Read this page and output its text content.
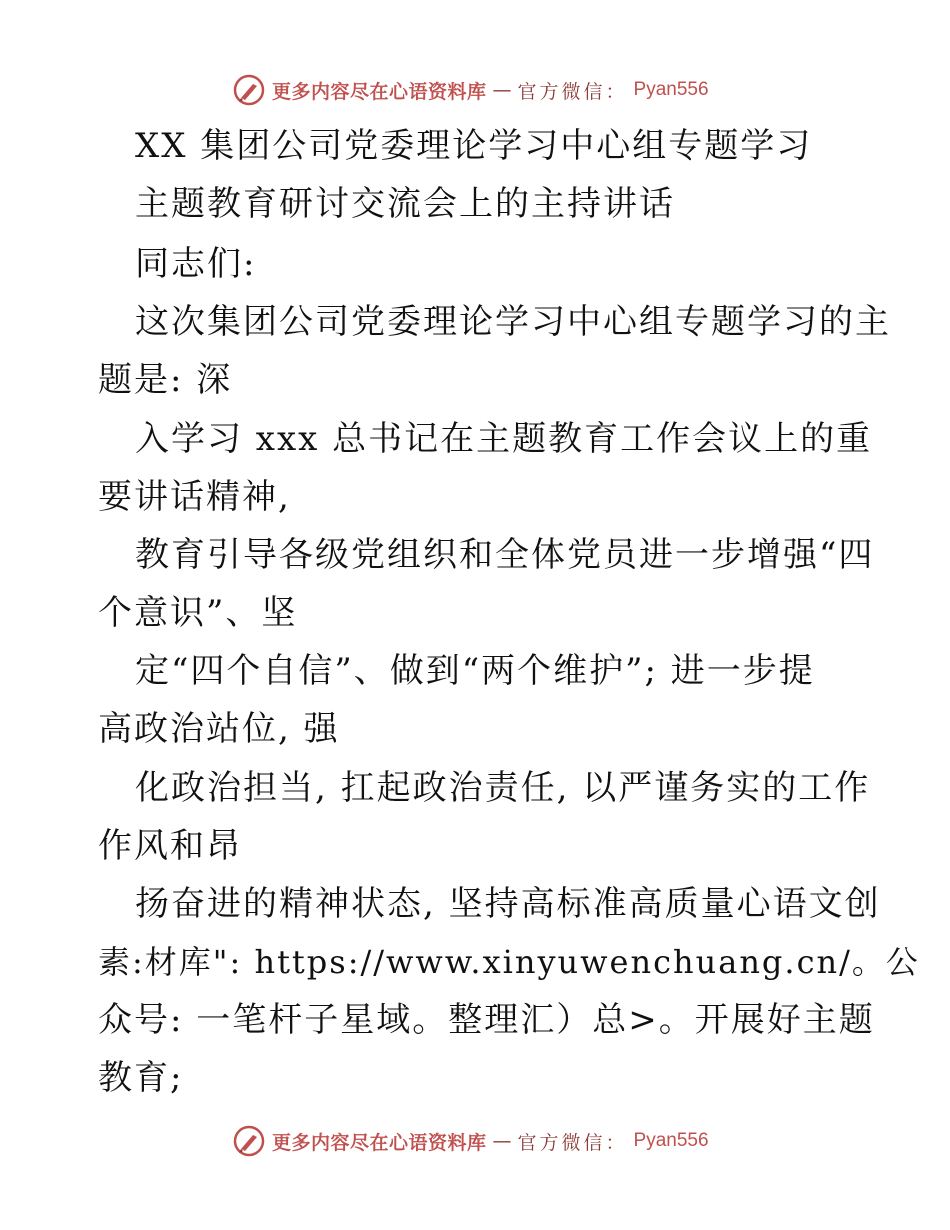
更多内容尽在心语资料库 — 官方微信： Pyan556
XX 集团公司党委理论学习中心组专题学习
主题教育研讨交流会上的主持讲话
同志们:
这次集团公司党委理论学习中心组专题学习的主
题是: 深
入学习 xxx 总书记在主题教育工作会议上的重
要讲话精神,
教育引导各级党组织和全体党员进一步增强“四
个意识”、坚
定“四个自信”、做到“两个维护”; 进一步提
高政治站位, 强
化政治担当, 扛起政治责任, 以严谨务实的工作
作风和昂
扬奋进的精神状态, 坚持高标准高质量心语文创
素:材库": https://www.xinyuwenchuang.cn/。公
众号: 一笔杆子星域。整理汇）总>。开展好主题
教育;
更多内容尽在心语资料库 — 官方微信： Pyan556
